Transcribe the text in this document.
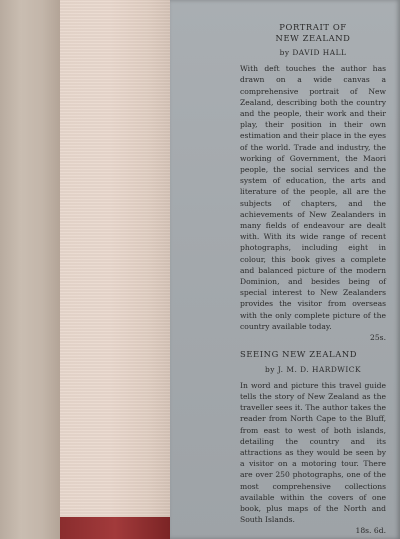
PORTRAIT OF

NEW ZEALAND

by DAVID HALL

With deft touches the author has drawn on a wide canvas a comprehensive portrait of New Zealand, describing both the country and the people, their work and their play, their position in their own estimation and their place in the eyes of the world. Trade and industry, the working of Government, the Maori people, the social services and the system of education, the arts and literature of the people, all are the subjects of chapters, and the achievements of New Zealanders in many fields of endeavour are dealt with. With its wide range of recent photographs, including eight in colour, this book gives a complete and balanced picture of the modern Dominion, and besides being of special interest to New Zealanders provides the visitor from overseas with the only complete picture of the country available today.

25s.

SEEING NEW ZEALAND

by J. M. D. HARDWICK

In word and picture this travel guide tells the story of New Zealand as the traveller sees it. The author takes the reader from North Cape to the Bluff, from east to west of both islands, detailing the country and its attractions as they would be seen by a visitor on a motoring tour. There are over 250 photographs, one of the most comprehensive collections available within the covers of one book, plus maps of the North and South Islands.

18s. 6d.
